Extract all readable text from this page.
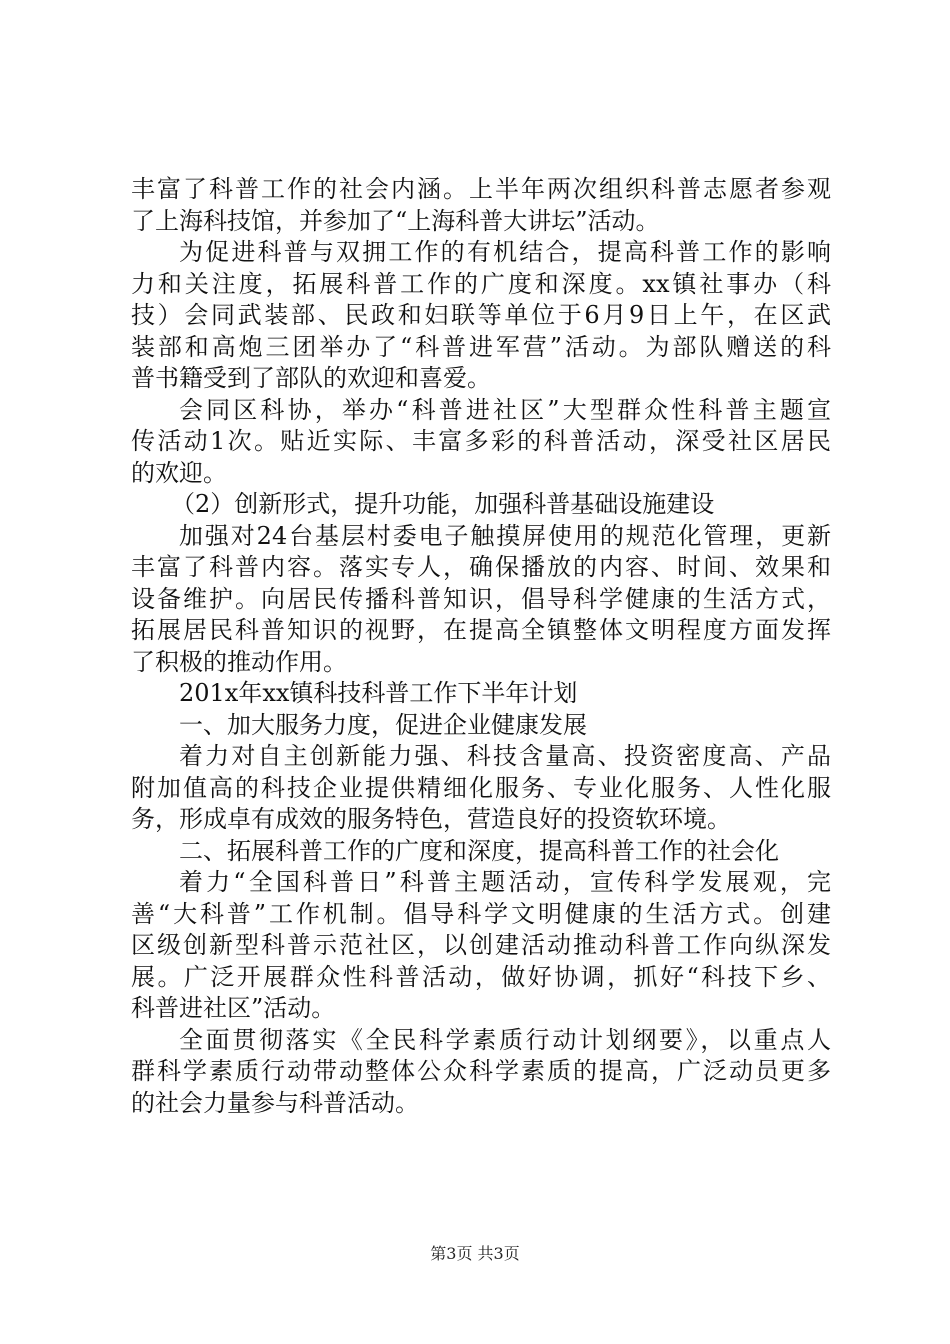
丰富了科普工作的社会内涵。上半年两次组织科普志愿者参观
了上海科技馆，并参加了“上海科普大讲坛”活动。
为促进科普与双拥工作的有机结合，提高科普工作的影响
力和关注度，拓展科普工作的广度和深度。xx镇社事办（科
技）会同武装部、民政和妇联等单位于6月9日上午，在区武
装部和高炮三团举办了“科普进军营”活动。为部队赠送的科
普书籍受到了部队的欢迎和喜爱。
会同区科协，举办“科普进社区”大型群众性科普主题宣
传活动1次。贴近实际、丰富多彩的科普活动，深受社区居民
的欢迎。
（2）创新形式，提升功能，加强科普基础设施建设
加强对24台基层村委电子触摸屏使用的规范化管理，更新
丰富了科普内容。落实专人，确保播放的内容、时间、效果和
设备维护。向居民传播科普知识，倡导科学健康的生活方式，
拓展居民科普知识的视野，在提高全镇整体文明程度方面发挥
了积极的推动作用。
201x年xx镇科技科普工作下半年计划
一、加大服务力度，促进企业健康发展
着力对自主创新能力强、科技含量高、投资密度高、产品
附加值高的科技企业提供精细化服务、专业化服务、人性化服
务，形成卓有成效的服务特色，营造良好的投资软环境。
二、拓展科普工作的广度和深度，提高科普工作的社会化
着力“全国科普日”科普主题活动，宣传科学发展观，完
善“大科普”工作机制。倡导科学文明健康的生活方式。创建
区级创新型科普示范社区，以创建活动推动科普工作向纵深发
展。广泛开展群众性科普活动，做好协调，抓好“科技下乡、
科普进社区”活动。
全面贯彻落实《全民科学素质行动计划纲要》，以重点人
群科学素质行动带动整体公众科学素质的提高，广泛动员更多
的社会力量参与科普活动。
第3页 共3页
